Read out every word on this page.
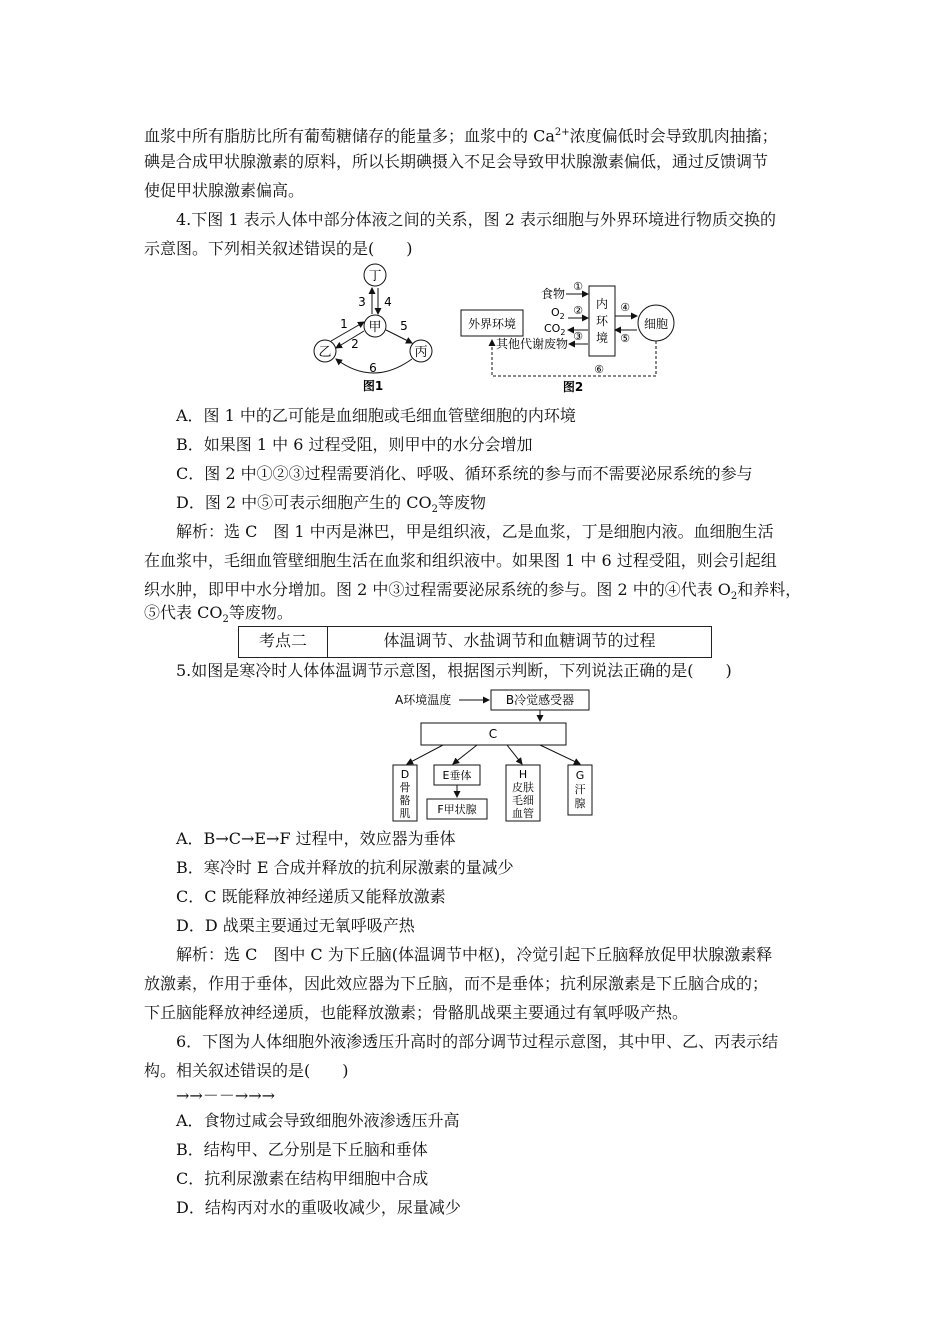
血浆中所有脂肪比所有葡萄糖储存的能量多；血浆中的 $Ca^{2+}$浓度偏低时会导致肌肉抽搐；
碘是合成甲状腺激素的原料，所以长期碘摄入不足会导致甲状腺激素偏低，通过反馈调节
使促甲状腺激素偏高。
4.下图 1 表示人体中部分体液之间的关系，图 2 表示细胞与外界环境进行物质交换的
示意图。下列相关叙述错误的是(　　)
丁
甲
乙	丙
3 4
1
2
5
6
图1
外界环境
内
环
境
细胞
食物
①
$O_2$ ②
$CO_2$ ③
其他代谢废物
④
⑤
⑥
图2
A．图 1 中的乙可能是血细胞或毛细血管壁细胞的内环境
B．如果图 1 中 6 过程受阻，则甲中的水分会增加
C．图 2 中①②③过程需要消化、呼吸、循环系统的参与而不需要泌尿系统的参与
D．图 2 中⑤可表示细胞产生的 $CO_2$等废物
解析：选 C　图 1 中丙是淋巴，甲是组织液，乙是血浆，丁是细胞内液。血细胞生活
在血浆中，毛细血管壁细胞生活在血浆和组织液中。如果图 1 中 6 过程受阻，则会引起组
织水肿，即甲中水分增加。图 2 中③过程需要泌尿系统的参与。图 2 中的④代表 $O_2$和养料，
⑤代表 $CO_2$等废物。
考点二	体温调节、水盐调节和血糖调节的过程
5.如图是寒冷时人体体温调节示意图，根据图示判断，下列说法正确的是(　　)
A环境温度	B冷觉感受器
C
D
骨
骼
肌
E垂体
F甲状腺
H
皮肤
毛细
血管
G
汗
腺
A．B→C→E→F 过程中，效应器为垂体
B．寒冷时 E 合成并释放的抗利尿激素的量减少
C．C 既能释放神经递质又能释放激素
D．D 战栗主要通过无氧呼吸产热
解析：选 C　图中 C 为下丘脑(体温调节中枢)，冷觉引起下丘脑释放促甲状腺激素释
放激素，作用于垂体，因此效应器为下丘脑，而不是垂体；抗利尿激素是下丘脑合成的；
下丘脑能释放神经递质，也能释放激素；骨骼肌战栗主要通过有氧呼吸产热。
6．下图为人体细胞外液渗透压升高时的部分调节过程示意图，其中甲、乙、丙表示结
构。相关叙述错误的是(　　)
→→－－→→→
A．食物过咸会导致细胞外液渗透压升高
B．结构甲、乙分别是下丘脑和垂体
C．抗利尿激素在结构甲细胞中合成
D．结构丙对水的重吸收减少，尿量减少
